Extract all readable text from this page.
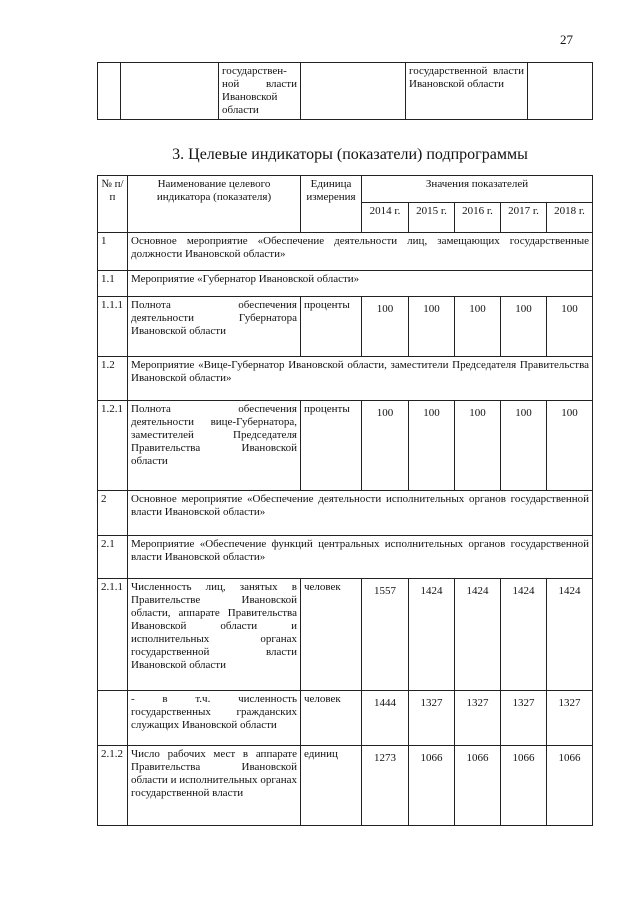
27
		государствен-ной власти Ивановской области		государственной власти Ивановской области	
3. Целевые индикаторы (показатели) подпрограммы
№ п/п	Наименование целевого индикатора (показателя)	Единица измерения	Значения показателей				
			2014 г.	2015 г.	2016 г.	2017 г.	2018 г.
1	Основное мероприятие «Обеспечение деятельности лиц, замещающих государственные должности Ивановской области»						
1.1	Мероприятие «Губернатор Ивановской области»						
1.1.1	Полнота обеспечения деятельности Губернатора Ивановской области	проценты	100	100	100	100	100
1.2	Мероприятие «Вице-Губернатор Ивановской области, заместители Председателя Правительства Ивановской области»						
1.2.1	Полнота обеспечения деятельности вице-Губернатора, заместителей Председателя Правительства Ивановской области	проценты	100	100	100	100	100
2	Основное мероприятие «Обеспечение деятельности исполнительных органов государственной власти Ивановской области»						
2.1	Мероприятие «Обеспечение функций центральных исполнительных органов государственной власти Ивановской области»						
2.1.1	Численность лиц, занятых в Правительстве Ивановской области, аппарате Правительства Ивановской области и исполнительных органах государственной власти Ивановской области	человек	1557	1424	1424	1424	1424
	- в т.ч. численность государственных гражданских служащих Ивановской области	человек	1444	1327	1327	1327	1327
2.1.2	Число рабочих мест в аппарате Правительства Ивановской области и исполнительных органах государственной власти	единиц	1273	1066	1066	1066	1066
